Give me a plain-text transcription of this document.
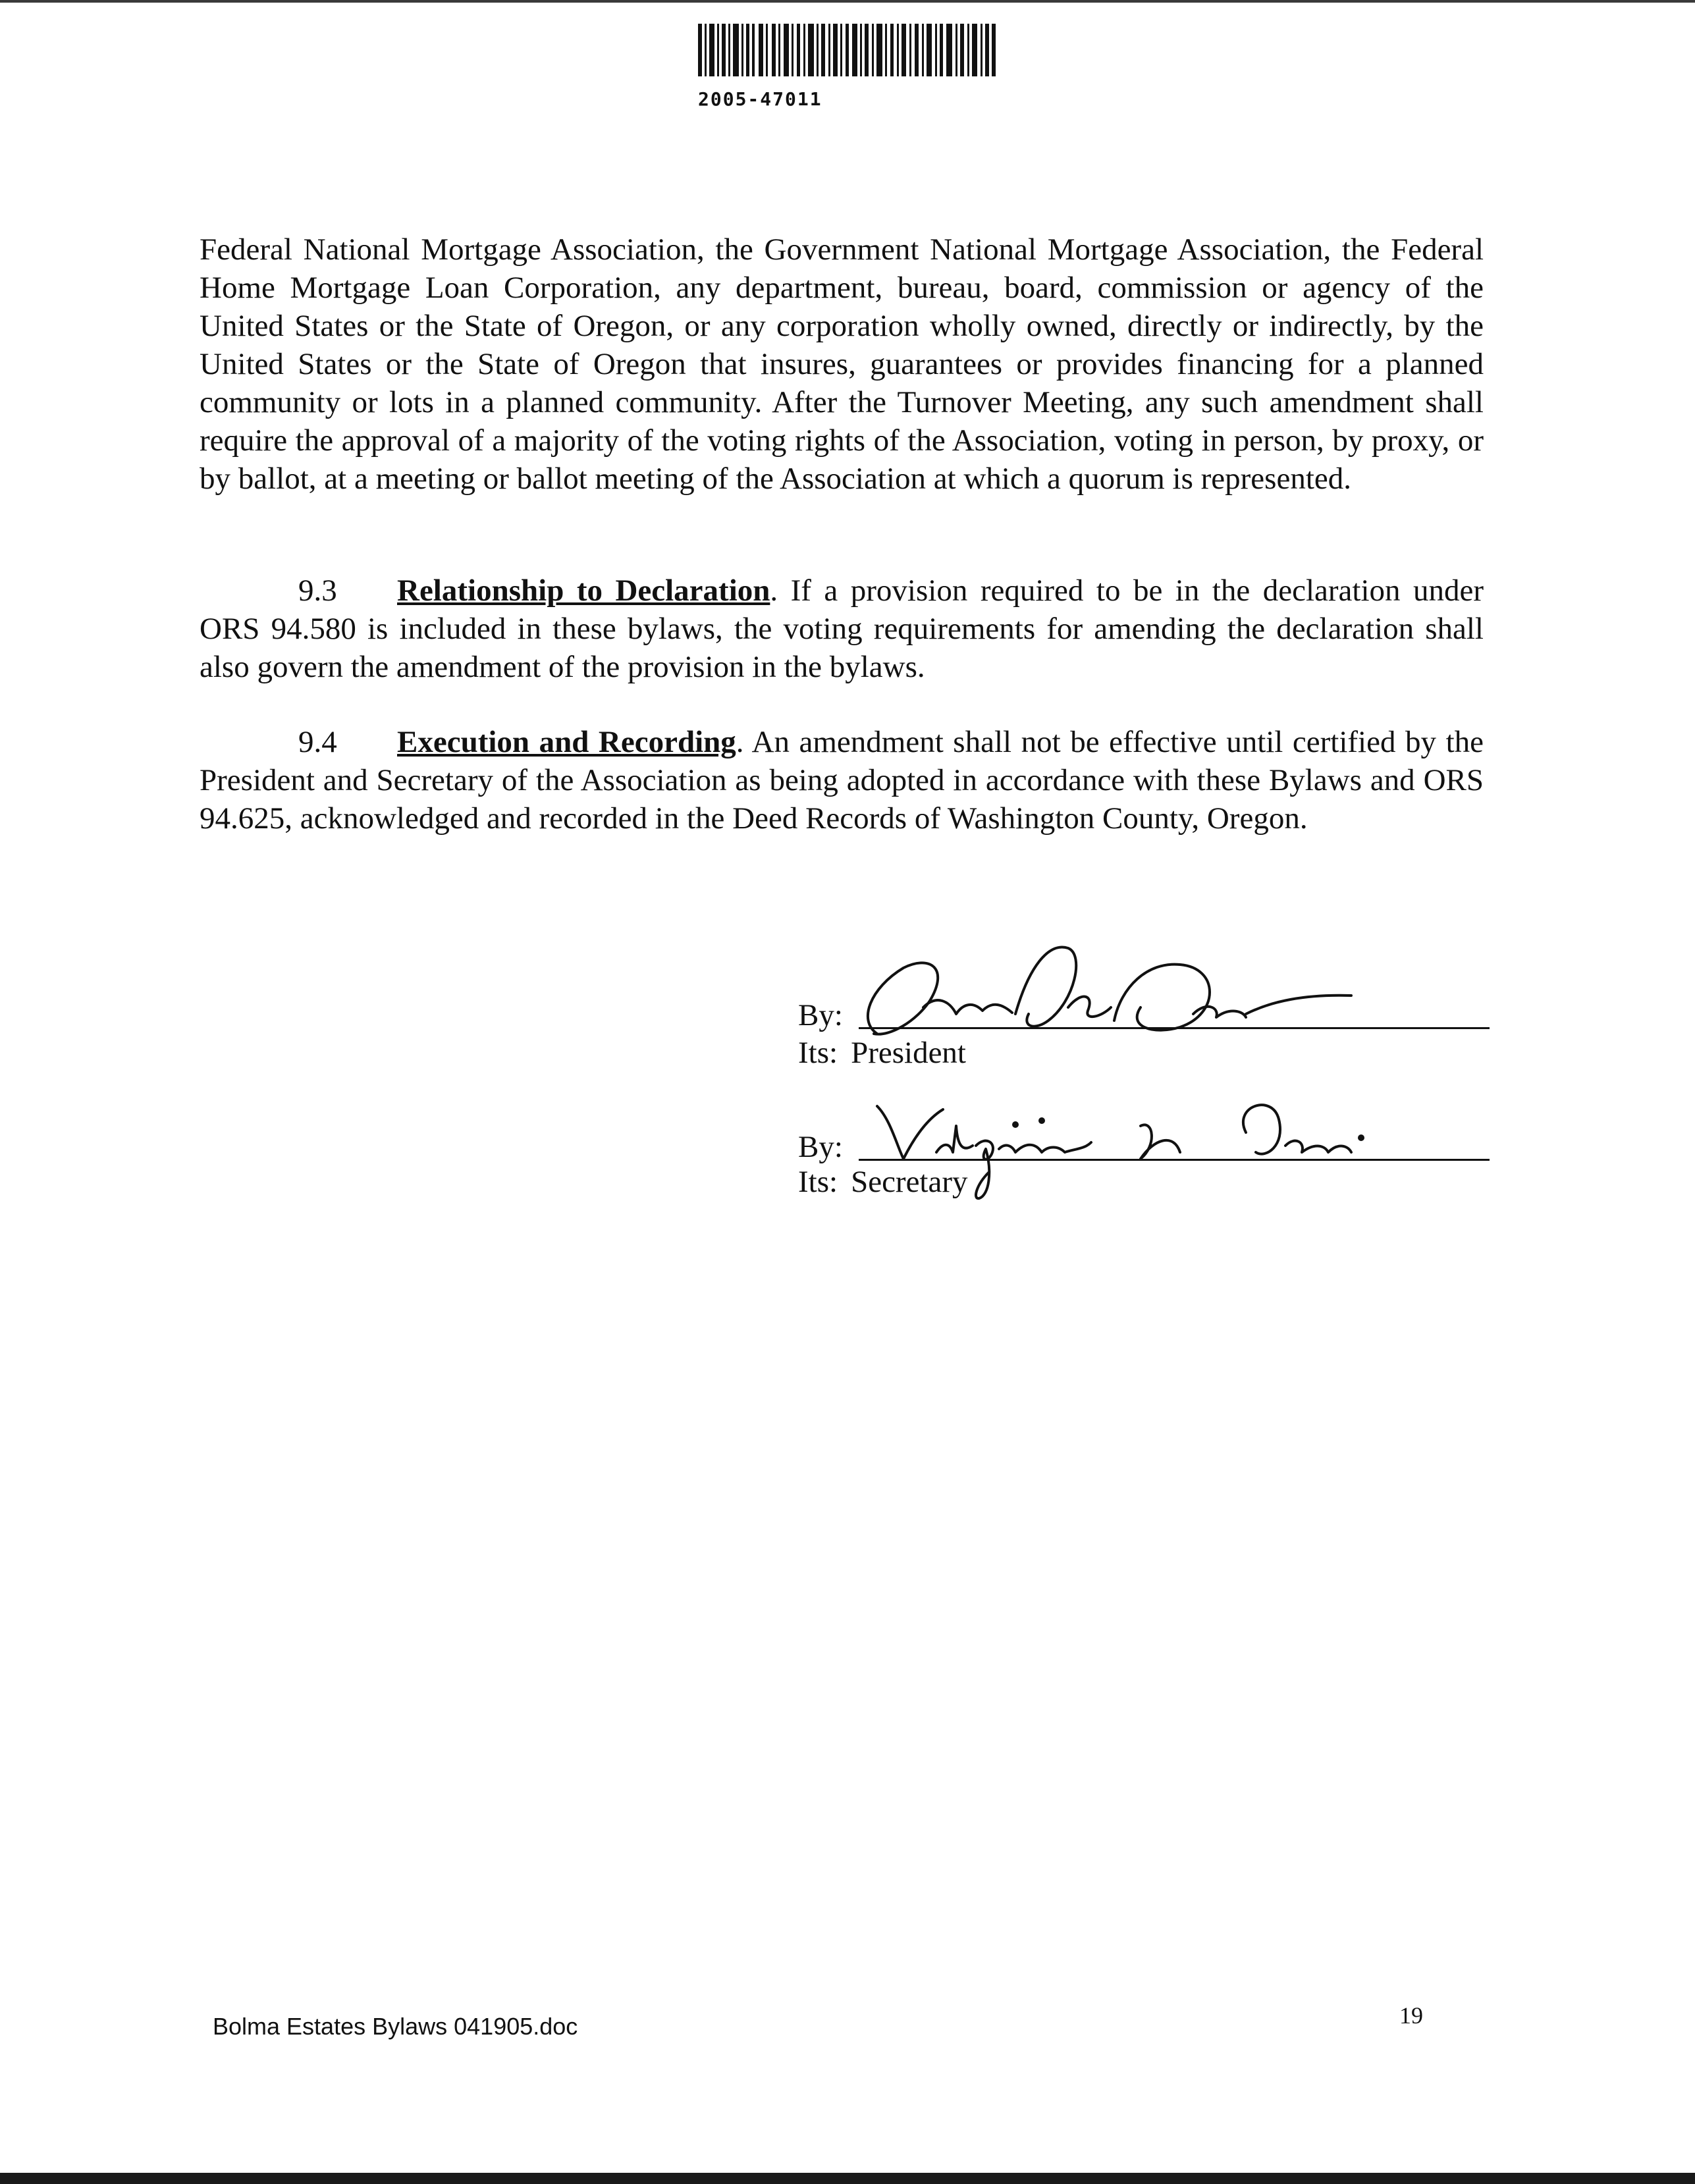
2005-47011
Federal National Mortgage Association, the Government National Mortgage Association, the Federal Home Mortgage Loan Corporation, any department, bureau, board, commission or agency of the United States or the State of Oregon, or any corporation wholly owned, directly or indirectly, by the United States or the State of Oregon that insures, guarantees or provides financing for a planned community or lots in a planned community. After the Turnover Meeting, any such amendment shall require the approval of a majority of the voting rights of the Association, voting in person, by proxy, or by ballot, at a meeting or ballot meeting of the Association at which a quorum is represented.
9.3 Relationship to Declaration. If a provision required to be in the declaration under ORS 94.580 is included in these bylaws, the voting requirements for amending the declaration shall also govern the amendment of the provision in the bylaws.
9.4 Execution and Recording. An amendment shall not be effective until certified by the President and Secretary of the Association as being adopted in accordance with these Bylaws and ORS 94.625, acknowledged and recorded in the Deed Records of Washington County, Oregon.
By:
Its: President
By:
Its: Secretary
Bolma Estates Bylaws 041905.doc	19
